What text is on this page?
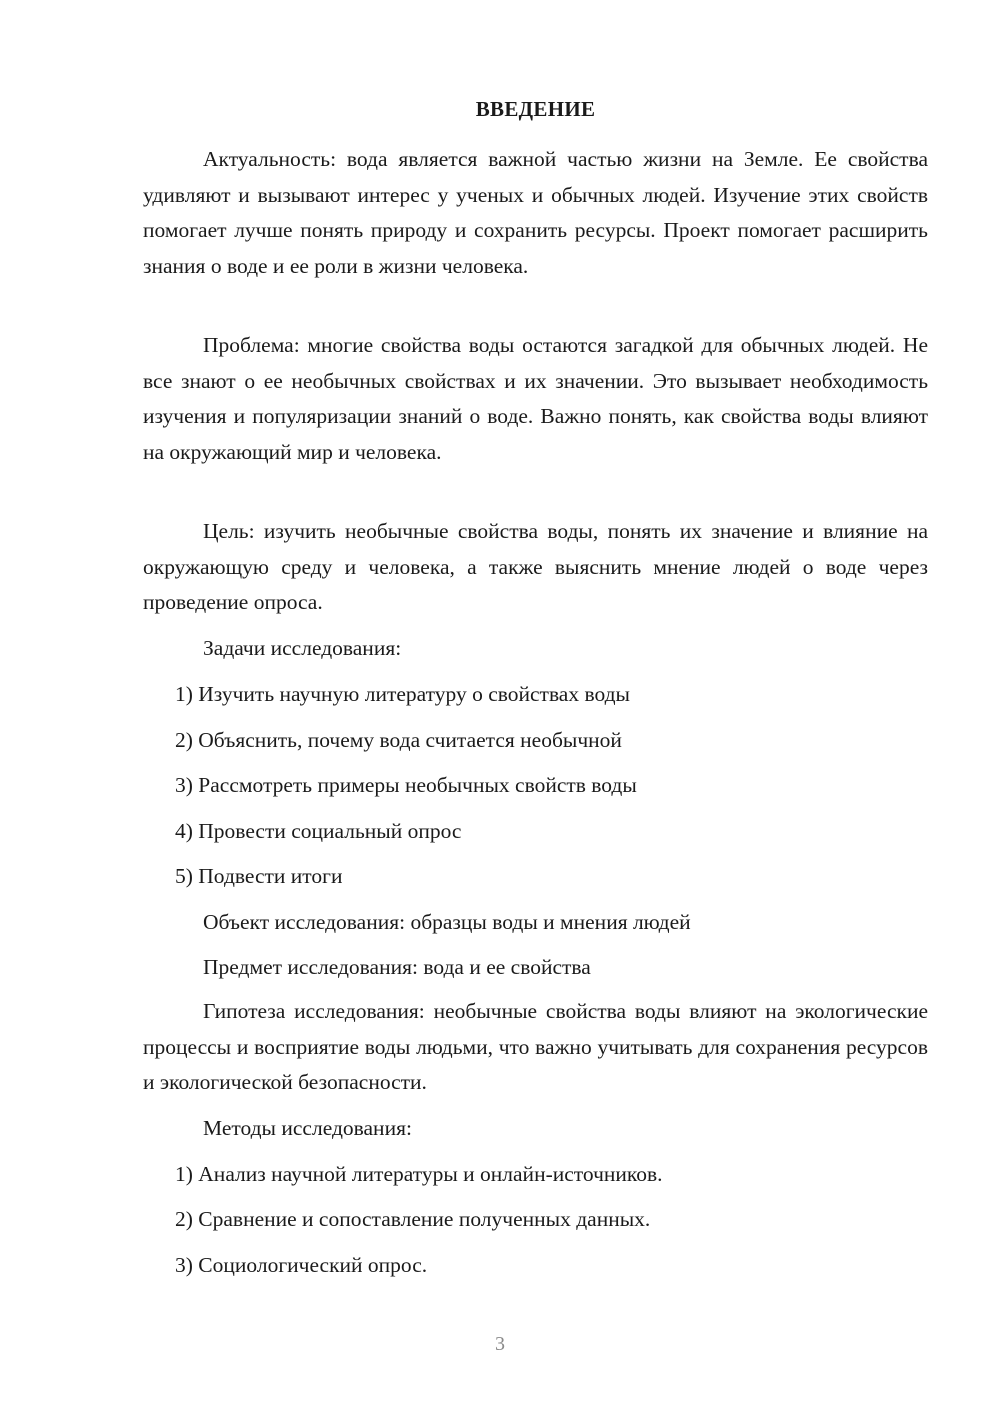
ВВЕДЕНИЕ

Актуальность: вода является важной частью жизни на Земле. Ее свойства удивляют и вызывают интерес у ученых и обычных людей. Изучение этих свойств помогает лучше понять природу и сохранить ресурсы. Проект помогает расширить знания о воде и ее роли в жизни человека.

Проблема: многие свойства воды остаются загадкой для обычных людей. Не все знают о ее необычных свойствах и их значении. Это вызывает необходимость изучения и популяризации знаний о воде. Важно понять, как свойства воды влияют на окружающий мир и человека.

Цель: изучить необычные свойства воды, понять их значение и влияние на окружающую среду и человека, а также выяснить мнение людей о воде через проведение опроса.

Задачи исследования:

1) Изучить научную литературу о свойствах воды

2) Объяснить, почему вода считается необычной

3) Рассмотреть примеры необычных свойств воды

4) Провести социальный опрос

5) Подвести итоги

Объект исследования: образцы воды и мнения людей

Предмет исследования: вода и ее свойства

Гипотеза исследования: необычные свойства воды влияют на экологические процессы и восприятие воды людьми, что важно учитывать для сохранения ресурсов и экологической безопасности.

Методы исследования:

1) Анализ научной литературы и онлайн-источников.

2) Сравнение и сопоставление полученных данных.

3) Социологический опрос.

3
